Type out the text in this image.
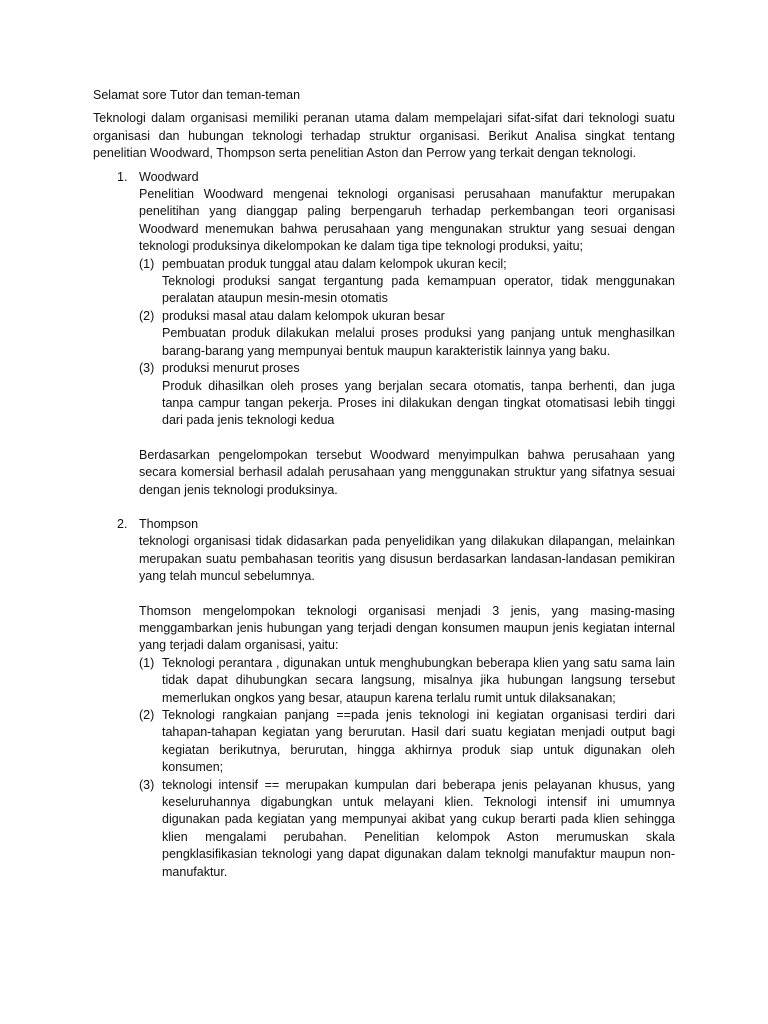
Selamat sore Tutor dan teman-teman

Teknologi dalam organisasi memiliki peranan utama dalam mempelajari sifat-sifat dari teknologi suatu organisasi dan hubungan teknologi terhadap struktur organisasi. Berikut Analisa singkat tentang penelitian Woodward, Thompson serta penelitian Aston dan Perrow yang terkait dengan teknologi.

1. Woodward

Penelitian Woodward mengenai teknologi organisasi perusahaan manufaktur merupakan penelitihan yang dianggap paling berpengaruh terhadap perkembangan teori organisasi Woodward menemukan bahwa perusahaan yang mengunakan struktur yang sesuai dengan teknologi produksinya dikelompokan ke dalam tiga tipe teknologi produksi, yaitu;

(1) pembuatan produk tunggal atau dalam kelompok ukuran kecil;

Teknologi produksi sangat tergantung pada kemampuan operator, tidak menggunakan peralatan ataupun mesin-mesin otomatis

(2) produksi masal atau dalam kelompok ukuran besar

Pembuatan produk dilakukan melalui proses produksi yang panjang untuk menghasilkan barang-barang yang mempunyai bentuk maupun karakteristik lainnya yang baku.

(3) produksi menurut proses

Produk dihasilkan oleh proses yang berjalan secara otomatis, tanpa berhenti, dan juga tanpa campur tangan pekerja. Proses ini dilakukan dengan tingkat otomatisasi lebih tinggi dari pada jenis teknologi kedua

Berdasarkan pengelompokan tersebut Woodward menyimpulkan bahwa perusahaan yang secara komersial berhasil adalah perusahaan yang menggunakan struktur yang sifatnya sesuai dengan jenis teknologi produksinya.

2. Thompson

teknologi organisasi tidak didasarkan pada penyelidikan yang dilakukan dilapangan, melainkan merupakan suatu pembahasan teoritis yang disusun berdasarkan landasan-landasan pemikiran yang telah muncul sebelumnya.

Thomson mengelompokan teknologi organisasi menjadi 3 jenis, yang masing-masing menggambarkan jenis hubungan yang terjadi dengan konsumen maupun jenis kegiatan internal yang terjadi dalam organisasi, yaitu:

(1) Teknologi perantara , digunakan untuk menghubungkan beberapa klien yang satu sama lain tidak dapat dihubungkan secara langsung, misalnya jika hubungan langsung tersebut memerlukan ongkos yang besar, ataupun karena terlalu rumit untuk dilaksanakan;

(2) Teknologi rangkaian panjang ==pada jenis teknologi ini kegiatan organisasi terdiri dari tahapan-tahapan kegiatan yang berurutan. Hasil dari suatu kegiatan menjadi output bagi kegiatan berikutnya, berurutan, hingga akhirnya produk siap untuk digunakan oleh konsumen;

(3) teknologi intensif == merupakan kumpulan dari beberapa jenis pelayanan khusus, yang keseluruhannya digabungkan untuk melayani klien. Teknologi intensif ini umumnya digunakan pada kegiatan yang mempunyai akibat yang cukup berarti pada klien sehingga klien mengalami perubahan. Penelitian kelompok Aston merumuskan skala pengklasifikasian teknologi yang dapat digunakan dalam teknolgi manufaktur maupun non-manufaktur.
